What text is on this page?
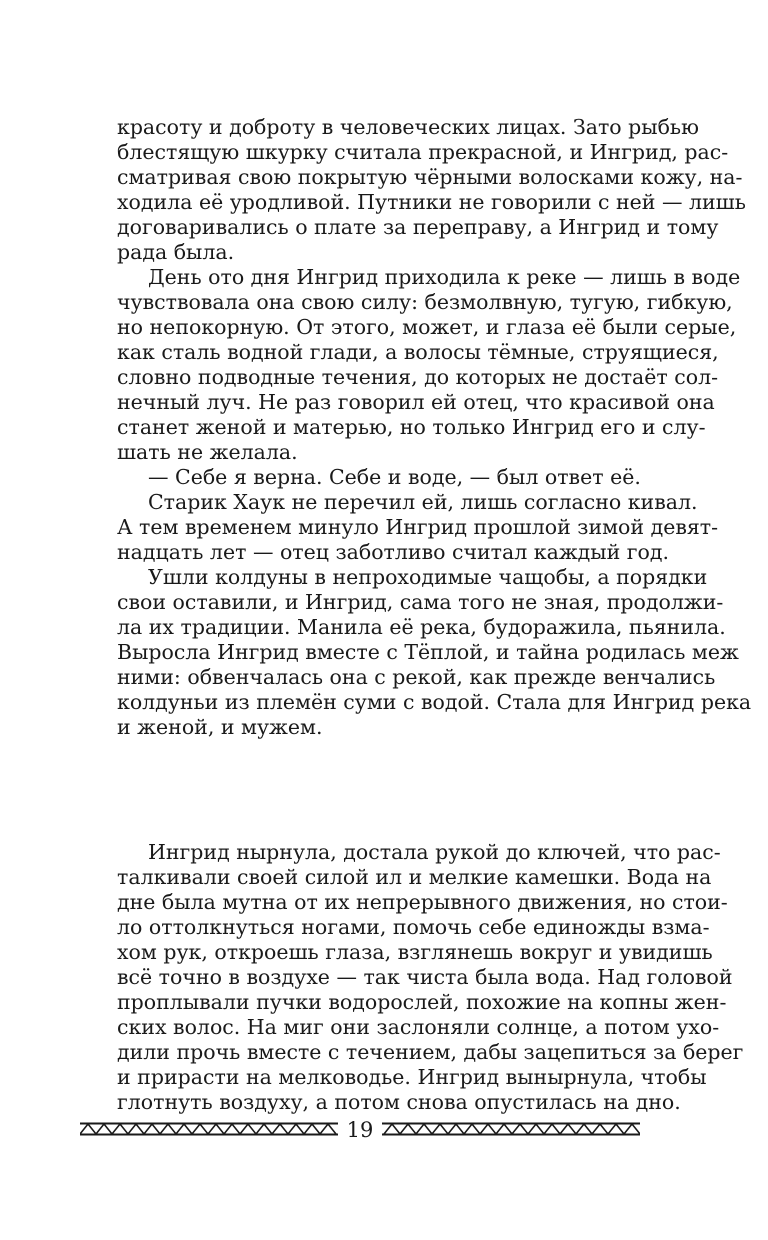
красоту и доброту в человеческих лицах. Зато рыбью
блестящую шкурку считала прекрасной, и Ингрид, рас-
сматривая свою покрытую чёрными волосками кожу, на-
ходила её уродливой. Путники не говорили с ней — лишь
договаривались о плате за переправу, а Ингрид и тому
рада была.
День ото дня Ингрид приходила к реке — лишь в воде
чувствовала она свою силу: безмолвную, тугую, гибкую,
но непокорную. От этого, может, и глаза её были серые,
как сталь водной глади, а волосы тёмные, струящиеся,
словно подводные течения, до которых не достаёт сол-
нечный луч. Не раз говорил ей отец, что красивой она
станет женой и матерью, но только Ингрид его и слу-
шать не желала.
— Себе я верна. Себе и воде, — был ответ её.
Старик Хаук не перечил ей, лишь согласно кивал.
А тем временем минуло Ингрид прошлой зимой девят-
надцать лет — отец заботливо считал каждый год.
Ушли колдуны в непроходимые чащобы, а порядки
свои оставили, и Ингрид, сама того не зная, продолжи-
ла их традиции. Манила её река, будоражила, пьянила.
Выросла Ингрид вместе с Тёплой, и тайна родилась меж
ними: обвенчалась она с рекой, как прежде венчались
колдуньи из племён суми с водой. Стала для Ингрид река
и женой, и мужем.
Ингрид нырнула, достала рукой до ключей, что рас-
талкивали своей силой ил и мелкие камешки. Вода на
дне была мутна от их непрерывного движения, но стои-
ло оттолкнуться ногами, помочь себе единожды взма-
хом рук, откроешь глаза, взглянешь вокруг и увидишь
всё точно в воздухе — так чиста была вода. Над головой
проплывали пучки водорослей, похожие на копны жен-
ских волос. На миг они заслоняли солнце, а потом ухо-
дили прочь вместе с течением, дабы зацепиться за берег
и прирасти на мелководье. Ингрид вынырнула, чтобы
глотнуть воздуху, а потом снова опустилась на дно.
19
